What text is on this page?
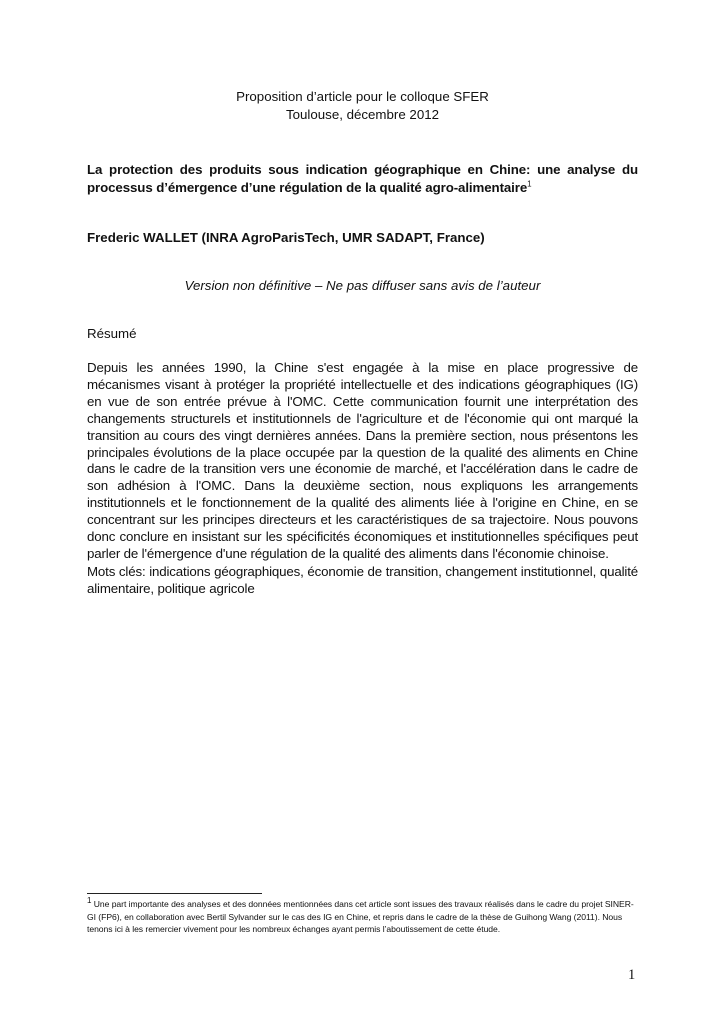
Proposition d’article pour le colloque SFER
Toulouse, décembre 2012
La protection des produits sous indication géographique en Chine: une analyse du processus d’émergence d’une régulation de la qualité agro-alimentaire$^1$
Frederic WALLET (INRA AgroParisTech, UMR SADAPT, France)
Version non définitive – Ne pas diffuser sans avis de l’auteur
Résumé
Depuis les années 1990, la Chine s'est engagée à la mise en place progressive de mécanismes visant à protéger la propriété intellectuelle et des indications géographiques (IG) en vue de son entrée prévue à l'OMC. Cette communication fournit une interprétation des changements structurels et institutionnels de l'agriculture et de l'économie qui ont marqué la transition au cours des vingt dernières années. Dans la première section, nous présentons les principales évolutions de la place occupée par la question de la qualité des aliments en Chine dans le cadre de la transition vers une économie de marché, et l'accélération dans le cadre de son adhésion à l'OMC. Dans la deuxième section, nous expliquons les arrangements institutionnels et le fonctionnement de la qualité des aliments liée à l'origine en Chine, en se concentrant sur les principes directeurs et les caractéristiques de sa trajectoire. Nous pouvons donc conclure en insistant sur les spécificités économiques et institutionnelles spécifiques peut parler de l'émergence d'une régulation de la qualité des aliments dans l'économie chinoise.
Mots clés: indications géographiques, économie de transition, changement institutionnel, qualité alimentaire, politique agricole
$^1$ Une part importante des analyses et des données mentionnées dans cet article sont issues des travaux réalisés dans le cadre du projet SINER-GI (FP6), en collaboration avec Bertil Sylvander sur le cas des IG en Chine, et repris dans le cadre de la thèse de Guihong Wang (2011). Nous tenons ici à les remercier vivement pour les nombreux échanges ayant permis l’aboutissement de cette étude.
1
